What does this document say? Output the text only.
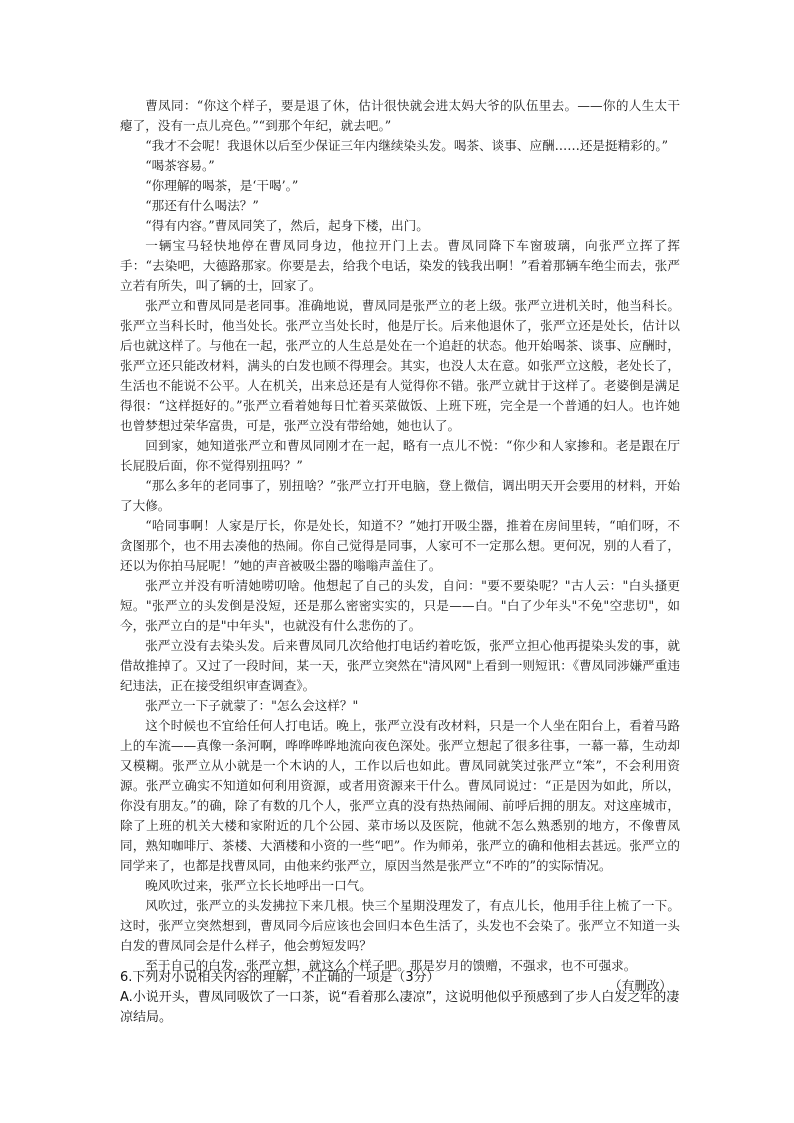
曹凤同：“你这个样子，要是退了休，估计很快就会进太妈大爷的队伍里去。——你的人生太干瘪了，没有一点儿亮色。”“到那个年纪，就去吧。”

“我才不会呢！我退休以后至少保证三年内继续染头发。喝茶、谈事、应酬……还是挺精彩的。”

“喝茶容易。”

“你理解的喝茶，是‘干喝’。”

“那还有什么喝法？”

“得有内容。”曹凤同笑了，然后，起身下楼，出门。

一辆宝马轻快地停在曹凤同身边，他拉开门上去。曹凤同降下车窗玻璃，向张严立挥了挥手：“去染吧，大德路那家。你要是去，给我个电话，染发的钱我出啊！”看着那辆车绝尘而去，张严立若有所失，叫了辆的士，回家了。

张严立和曹凤同是老同事。准确地说，曹凤同是张严立的老上级。张严立进机关时，他当科长。张严立当科长时，他当处长。张严立当处长时，他是厅长。后来他退休了，张严立还是处长，估计以后也就这样了。与他在一起，张严立的人生总是处在一个追赶的状态。他开始喝茶、谈事、应酬时，张严立还只能改材料，满头的白发也顾不得理会。其实，也没人太在意。如张严立这般，老处长了，生活也不能说不公平。人在机关，出来总还是有人觉得你不错。张严立就甘于这样了。老婆倒是满足得很：“这样挺好的。”张严立看着她每日忙着买菜做饭、上班下班，完全是一个普通的妇人。也许她也曾梦想过荣华富贵，可是，张严立没有带给她，她也认了。

回到家，她知道张严立和曹凤同刚才在一起，略有一点儿不悦：“你少和人家掺和。老是跟在厅长屁股后面，你不觉得别扭吗？”

“那么多年的老同事了，别扭啥？”张严立打开电脑，登上微信，调出明天开会要用的材料，开始了大修。

“哈同事啊！人家是厅长，你是处长，知道不？”她打开吸尘器，推着在房间里转，“咱们呀，不贪图那个，也不用去凑他的热闹。你自己觉得是同事，人家可不一定那么想。更何况，别的人看了，还以为你拍马屁呢！”她的声音被吸尘器的嗡嗡声盖住了。

张严立并没有听清她唠叨啥。他想起了自己的头发，自问："要不要染呢？"古人云："白头搔更短。"张严立的头发倒是没短，还是那么密密实实的，只是——白。"白了少年头"不免"空悲切"，如今，张严立白的是"中年头"，也就没有什么悲伤的了。

张严立没有去染头发。后来曹凤同几次给他打电话约着吃饭，张严立担心他再提染头发的事，就借故推掉了。又过了一段时间，某一天，张严立突然在"清风网"上看到一则短讯：《曹凤同涉嫌严重违纪违法，正在接受组织审查调查》。

张严立一下子就蒙了："怎么会这样？"

这个时候也不宜给任何人打电话。晚上，张严立没有改材料，只是一个人坐在阳台上，看着马路上的车流——真像一条河啊，哗哗哗哗地流向夜色深处。张严立想起了很多往事，一幕一幕，生动却又模糊。张严立从小就是一个木讷的人，工作以后也如此。曹凤同就笑过张严立“笨”，不会利用资源。张严立确实不知道如何利用资源，或者用资源来干什么。曹凤同说过：“正是因为如此，所以，你没有朋友。”的确，除了有数的几个人，张严立真的没有热热闹闹、前呼后拥的朋友。对这座城市，除了上班的机关大楼和家附近的几个公园、菜市场以及医院，他就不怎么熟悉别的地方，不像曹凤同，熟知咖啡厅、茶楼、大酒楼和小资的一些“吧”。作为师弟，张严立的确和他相去甚远。张严立的同学来了，也都是找曹凤同，由他来约张严立，原因当然是张严立“不咋的”的实际情况。

晚风吹过来，张严立长长地呼出一口气。

风吹过，张严立的头发拂拉下来几根。快三个星期没理发了，有点儿长，他用手往上梳了一下。这时，张严立突然想到，曹凤同今后应该也会回归本色生活了，头发也不会染了。张严立不知道一头白发的曹凤同会是什么样子，他会剪短发吗？

至于自己的白发，张严立想，就这么个样子吧。那是岁月的馈赠，不强求，也不可强求。

（有删改）

6.下列对小说相关内容的理解，不正确的一项是（3分）

A.小说开头，曹凤同吸饮了一口茶，说“看着那么凄凉”，这说明他似乎预感到了步人白发之年的凄凉结局。
